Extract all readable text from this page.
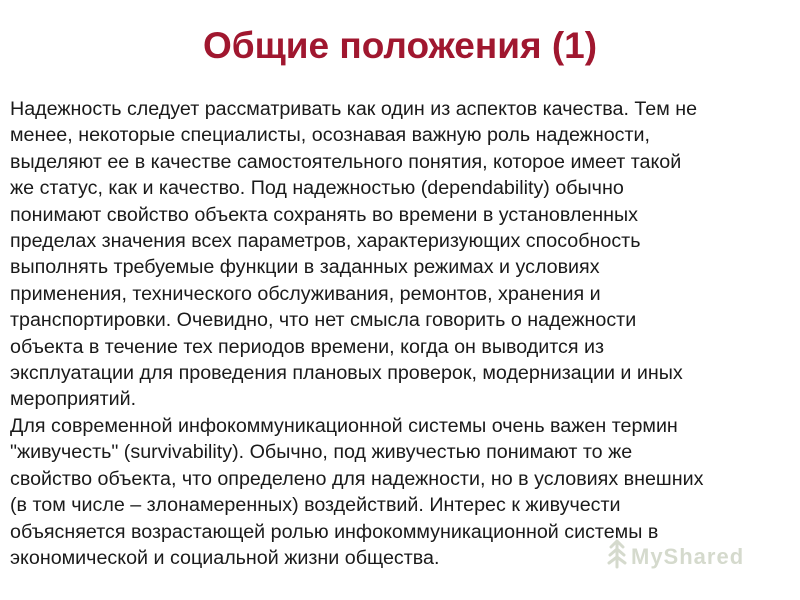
Общие положения (1)

Надежность следует рассматривать как один из аспектов качества. Тем не
менее, некоторые специалисты, осознавая важную роль надежности,
выделяют ее в качестве самостоятельного понятия, которое имеет такой
же статус, как и качество. Под надежностью (dependability) обычно
понимают свойство объекта сохранять во времени в установленных
пределах значения всех параметров, характеризующих способность
выполнять требуемые функции в заданных режимах и условиях
применения, технического обслуживания, ремонтов, хранения и
транспортировки. Очевидно, что нет смысла говорить о надежности
объекта в течение тех периодов времени, когда он выводится из
эксплуатации для проведения плановых проверок, модернизации и иных
мероприятий.

Для современной инфокоммуникационной системы очень важен термин
"живучесть" (survivability). Обычно, под живучестью понимают то же
свойство объекта, что определено для надежности, но в условиях внешних
(в том числе – злонамеренных) воздействий. Интерес к живучести
объясняется возрастающей ролью инфокоммуникационной системы в
экономической и социальной жизни общества.	MyShared
